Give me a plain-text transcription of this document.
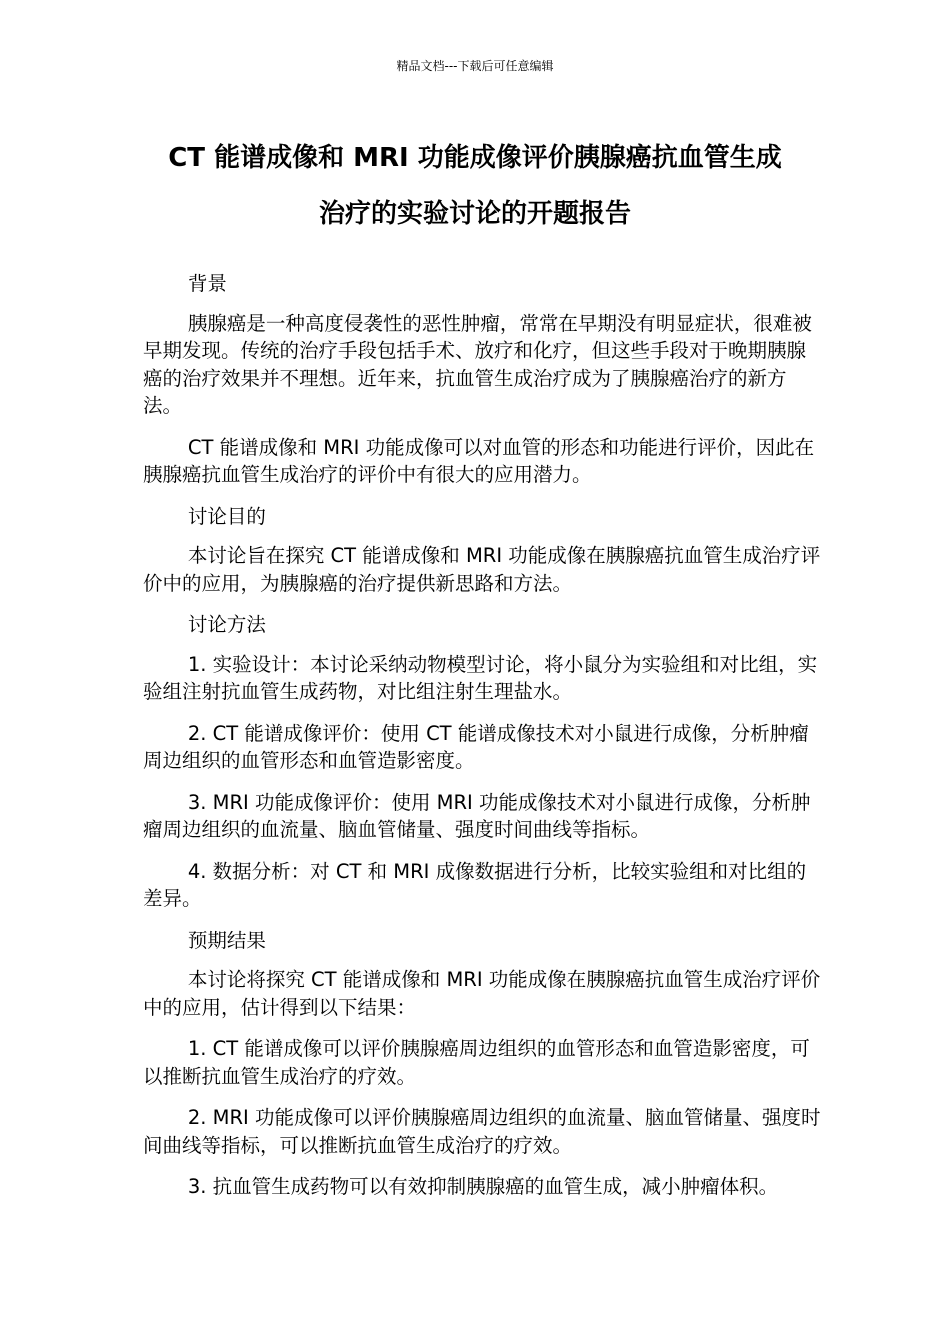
精品文档---下载后可任意编辑
CT 能谱成像和 MRI 功能成像评价胰腺癌抗血管生成
治疗的实验讨论的开题报告

背景

胰腺癌是一种高度侵袭性的恶性肿瘤，常常在早期没有明显症状，很难被早期发现。传统的治疗手段包括手术、放疗和化疗，但这些手段对于晚期胰腺癌的治疗效果并不理想。近年来，抗血管生成治疗成为了胰腺癌治疗的新方法。

CT 能谱成像和 MRI 功能成像可以对血管的形态和功能进行评价，因此在胰腺癌抗血管生成治疗的评价中有很大的应用潜力。

讨论目的

本讨论旨在探究 CT 能谱成像和 MRI 功能成像在胰腺癌抗血管生成治疗评价中的应用，为胰腺癌的治疗提供新思路和方法。

讨论方法

1. 实验设计：本讨论采纳动物模型讨论，将小鼠分为实验组和对比组，实验组注射抗血管生成药物，对比组注射生理盐水。

2. CT 能谱成像评价：使用 CT 能谱成像技术对小鼠进行成像，分析肿瘤周边组织的血管形态和血管造影密度。

3. MRI 功能成像评价：使用 MRI 功能成像技术对小鼠进行成像，分析肿瘤周边组织的血流量、脑血管储量、强度时间曲线等指标。

4. 数据分析：对 CT 和 MRI 成像数据进行分析，比较实验组和对比组的差异。

预期结果

本讨论将探究 CT 能谱成像和 MRI 功能成像在胰腺癌抗血管生成治疗评价中的应用，估计得到以下结果：

1. CT 能谱成像可以评价胰腺癌周边组织的血管形态和血管造影密度，可以推断抗血管生成治疗的疗效。

2. MRI 功能成像可以评价胰腺癌周边组织的血流量、脑血管储量、强度时间曲线等指标，可以推断抗血管生成治疗的疗效。

3. 抗血管生成药物可以有效抑制胰腺癌的血管生成，减小肿瘤体积。
